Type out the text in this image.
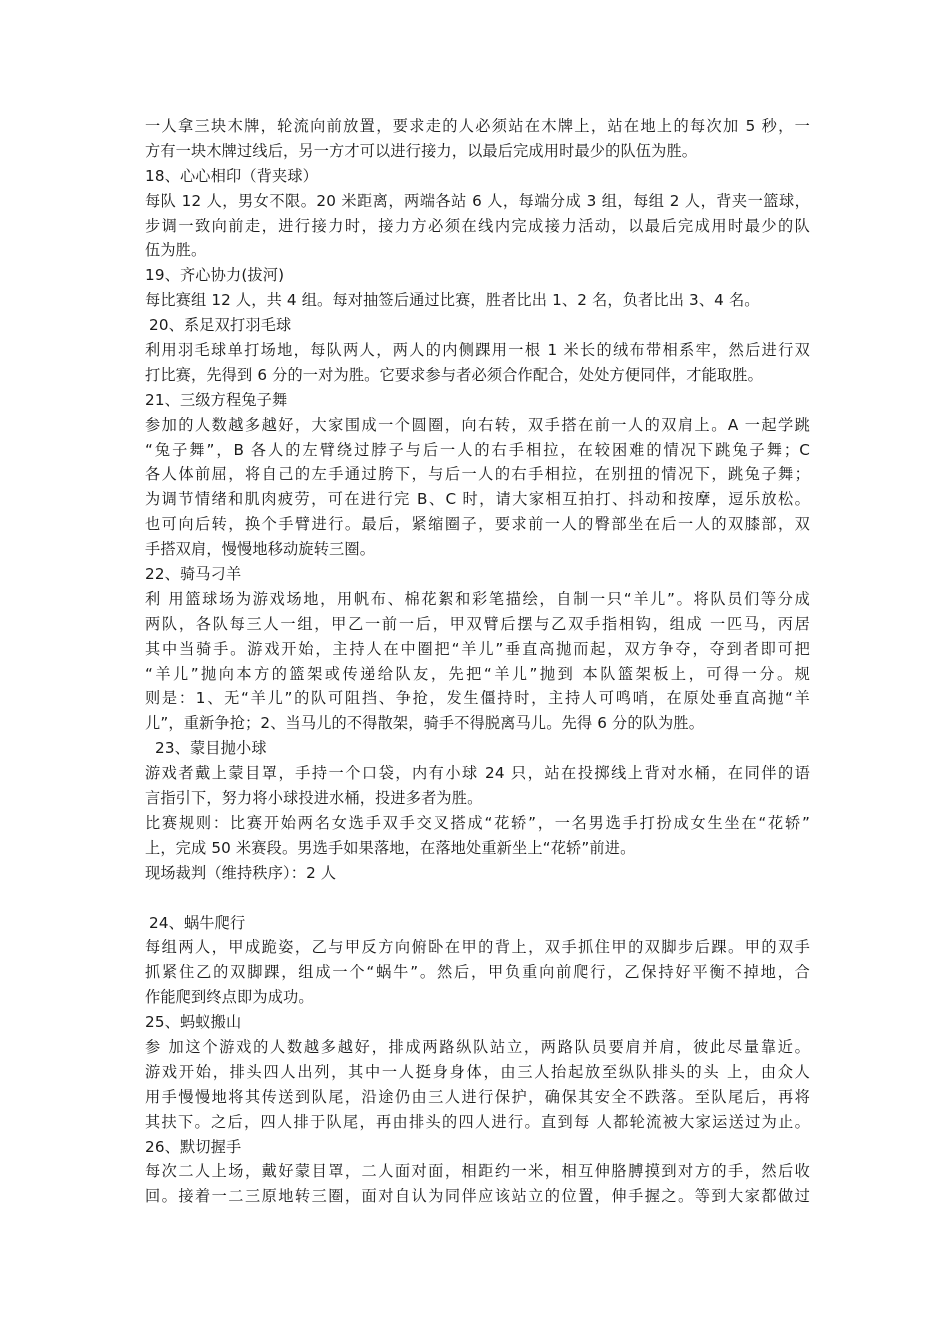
一人拿三块木牌，轮流向前放置，要求走的人必须站在木牌上，站在地上的每次加 5 秒，一
方有一块木牌过线后，另一方才可以进行接力，以最后完成用时最少的队伍为胜。
18、心心相印（背夹球）
每队 12 人，男女不限。20 米距离，两端各站 6 人，每端分成 3 组，每组 2 人，背夹一篮球，
步调一致向前走，进行接力时，接力方必须在线内完成接力活动，以最后完成用时最少的队
伍为胜。
19、齐心协力(拔河)
每比赛组 12 人，共 4 组。每对抽签后通过比赛，胜者比出 1、2 名，负者比出 3、4 名。
20、系足双打羽毛球
利用羽毛球单打场地，每队两人，两人的内侧踝用一根 1 米长的绒布带相系牢，然后进行双
打比赛，先得到 6 分的一对为胜。它要求参与者必须合作配合，处处方便同伴，才能取胜。
21、三级方程兔子舞
参加的人数越多越好，大家围成一个圆圈，向右转，双手搭在前一人的双肩上。A 一起学跳
“兔子舞”，B 各人的左臂绕过脖子与后一人的右手相拉，在较困难的情况下跳兔子舞；C
各人体前屈，将自己的左手通过胯下，与后一人的右手相拉，在别扭的情况下，跳兔子舞；
为调节情绪和肌肉疲劳，可在进行完 B、C 时，请大家相互拍打、抖动和按摩，逗乐放松。
也可向后转，换个手臂进行。最后，紧缩圈子，要求前一人的臀部坐在后一人的双膝部，双
手搭双肩，慢慢地移动旋转三圈。
22、骑马刁羊
利 用篮球场为游戏场地，用帆布、棉花絮和彩笔描绘，自制一只“羊儿”。将队员们等分成
两队，各队每三人一组，甲乙一前一后，甲双臂后摆与乙双手指相钩，组成 一匹马，丙居
其中当骑手。游戏开始，主持人在中圈把“羊儿”垂直高抛而起，双方争夺，夺到者即可把
“羊儿”抛向本方的篮架或传递给队友，先把“羊儿”抛到 本队篮架板上，可得一分。规
则是：1、无“羊儿”的队可阻挡、争抢，发生僵持时，主持人可鸣哨，在原处垂直高抛“羊
儿”，重新争抢；2、当马儿的不得散架，骑手不得脱离马儿。先得 6 分的队为胜。
23、蒙目抛小球
游戏者戴上蒙目罩，手持一个口袋，内有小球 24 只，站在投掷线上背对水桶，在同伴的语
言指引下，努力将小球投进水桶，投进多者为胜。
比赛规则：比赛开始两名女选手双手交叉搭成“花轿”，一名男选手打扮成女生坐在“花轿”
上，完成 50 米赛段。男选手如果落地，在落地处重新坐上“花轿”前进。
现场裁判（维持秩序）：2 人
24、蜗牛爬行
每组两人，甲成跪姿，乙与甲反方向俯卧在甲的背上，双手抓住甲的双脚步后踝。甲的双手
抓紧住乙的双脚踝，组成一个“蜗牛”。然后，甲负重向前爬行，乙保持好平衡不掉地，合
作能爬到终点即为成功。
25、蚂蚁搬山
参 加这个游戏的人数越多越好，排成两路纵队站立，两路队员要肩并肩，彼此尽量靠近。
游戏开始，排头四人出列，其中一人挺身身体，由三人抬起放至纵队排头的头 上，由众人
用手慢慢地将其传送到队尾，沿途仍由三人进行保护，确保其安全不跌落。至队尾后，再将
其扶下。之后，四人排于队尾，再由排头的四人进行。直到每 人都轮流被大家运送过为止。
26、默切握手
每次二人上场，戴好蒙目罩，二人面对面，相距约一米，相互伸胳膊摸到对方的手，然后收
回。接着一二三原地转三圈，面对自认为同伴应该站立的位置，伸手握之。等到大家都做过
